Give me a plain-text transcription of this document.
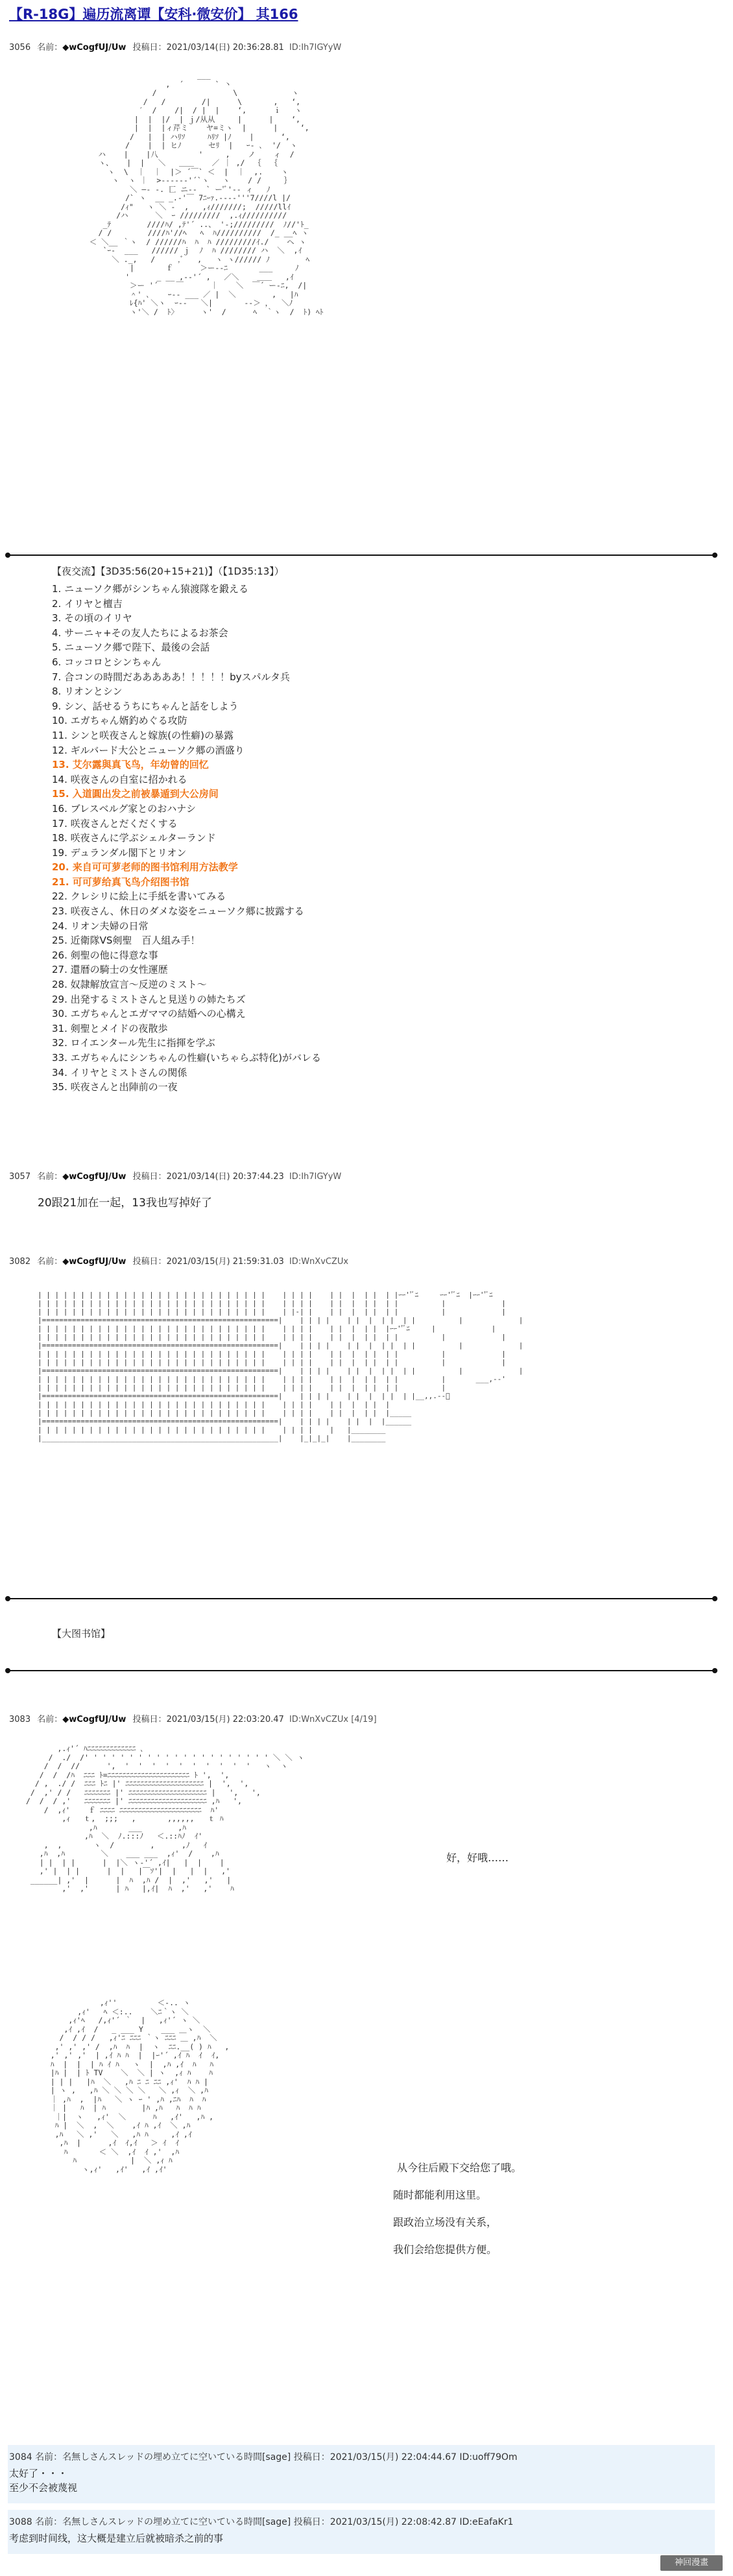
【R-18G】遍历流离谭【安科·微安价】 其166
3056 名前：◆wCogfUJ/Uw 投稿日：2021/03/14(日) 20:36:28.81 ID:Ih7IGYyW
___
,  ´       ` 丶
/                 \            ヽ
/   /        /|      \       ,   ‘,
′  /    /|  / |  |    ‘,      ｉ   ヽ
|  |  |/  | ｊ/从从     |      |    ‘,
|  |  |ィ芹ミ    ヤ=ミヽ  |      |     ‘,
/   |  | ハﾘｿ     ﾊﾘｿ |ﾉ    |      ‘,
/    |  | ヒﾉ      セﾘ  |   ｰ- ､  '/  ヽ
ハ    |    |八         '     ,    ノ    ィ  /
ヽ、   |  |   ＼   ＿＿    ／ ｜ ,/  ｛  ｛
ヽ  \  ｜  ｜  |＞ ´￣` ＜  |  ｜  ,.    ヽ
ヽ  ヽ ｜  >-----‐'´`ヽ   ヽ    / /     ｝
＼ ―‐ -. 匸 ニ--  ` ー'ﾞ'‐- ィ   ﾉ
/` ヽ  __ _.-'￣ 7ﾆｰｧ.-‐‐-'''7////l |/
/ｨ"   ヽ ＼ ‐  ,   ,ｨ///////;  /////llｲ
/ハ      ＼  ｰ /////////  ,.ｨ//////////
_ﾃ        ////ﾊ/ ,ﾃ'´ ..、 '-;/////////  ﾉ//'ﾄ_
/ /        ////ﾊ'//ﾍ   ﾍ  ﾊ//////////  /_ __ﾍ ヽ
＜ ＼__ ｀ヽ  / //////ﾊ  ﾊ  ﾊ /////////ｲ./    ヘ ヽ
`ｰ-  ___   ////// ｊ  ﾉ  ﾊ //////// ハ  ＼  ,ｲ
＼ ._,   /     ,ﾞ   ,   ヽ ヽ////// ﾉ        ﾍ
|       ｆ      ＞ー‐-ﾆ       ___     ﾉ
'      _ __ ,-‐'´ ,   ／＼    ＿＿   ,ｲ
＞ー '´    ￣      ｜    ＼  ￣´ ー-ﾆ,  /|
＾' ､    ｰ-- ___ ／ |  ＼        ,   |ﾊ
ﾚ{ﾊ' ＼ヽ  ｰ--   ＼|       ‐-＞ ，  ＼ﾉ
ヽ'＼ /  ﾄ〉     ヽ'  /      ﾍ  ｀ヽ  /  ﾄ) ﾍﾄ
【夜交流】【3D35:56(20+15+21)】（【1D35:13】）
1. ニューソク郷がシンちゃん猿渡隊を鍛える
2. イリヤと檀吉
3. その頃のイリヤ
4. サーニャ+その友人たちによるお茶会
5. ニューソク郷で陛下、最後の会話
6. コッコロとシンちゃん
7. 合コンの時間だあああああ！！！！！byスパルタ兵
8. リオンとシン
9. シン、話せるうちにちゃんと話をしよう
10. エガちゃん婿釣めぐる攻防
11. シンと咲夜さんと嫁族(の性癖)の暴露
12. ギルバード大公とニューソク郷の酒盛り
13. 艾尔露與真飞鸟，年幼曾的回忆
14. 咲夜さんの自室に招かれる
15. 入道圓出发之前被暴遁到大公房间
16. ブレスベルグ家とのおハナシ
17. 咲夜さんとだくだくする
18. 咲夜さんに学ぶシェルターランド
19. デュランダル閣下とリオン
20. 来自可可萝老师的图书馆利用方法教学
21. 可可萝给真飞鸟介绍图书馆
22. クレシリに絵上に手紙を書いてみる
23. 咲夜さん、休日のダメな姿をニューソク郷に披露する
24. リオン夫婦の日常
25. 近衛隊VS剣聖　百人組み手！
26. 剣聖の他に得意な事
27. 還暦の騎士の女性運歴
28. 奴隷解放宣言～反逆のミスト～
29. 出発するミストさんと見送りの姉たちズ
30. エガちゃんとエガママの結婚への心構え
31. 剣聖とメイドの夜散歩
32. ロイエンタール先生に指揮を学ぶ
33. エガちゃんにシンちゃんの性癖(いちゃらぶ特化)がバレる
34. イリヤとミストさんの関係
35. 咲夜さんと出陣前の一夜
3057 名前：◆wCogfUJ/Uw 投稿日：2021/03/14(日) 20:37:44.23 ID:Ih7IGYyW
20跟21加在一起，13我也写掉好了
3082 名前：◆wCogfUJ/Uw 投稿日：2021/03/15(月) 21:59:31.03 ID:WnXvCZUx
| | | | | | | | | | | | | | | | | | | | | | | | | | |    | | | |    | |  |  | |  | |ｰｰ''ﾞﾆ     ｰｰ''ﾞﾆ  |ｰｰ''ﾞﾆ
| | | | | | | | | | | | | | | | | | | | | | | | | | |    | | | |    | |  |  | |  | |          |             |
| | | | | | | | | | | | | | | | | | | | | | | | | | |    | |-| |    | |  |  | |  | |          |             |
|=======================================================|    | | | |    | |  |  | |  | |          |             |
| | | | | | | | | | | | | | | | | | | | | | | | | | |    | | | |    | |  |  | |  |ｰｰ''ﾞﾆ     |             |
| | | | | | | | | | | | | | | | | | | | | | | | | | |    | | | |    | |  |  | |  | |          |             |
|=======================================================|    | | | |    | |  |  | |  | |          |             |
| | | | | | | | | | | | | | | | | | | | | | | | | | |    | | | |    | |  |  | |  | |          |             |
| | | | | | | | | | | | | | | | | | | | | | | | | | |    | | | |    | |  |  | |  | |          |             |
|=======================================================|    | | | |    | |  |  | |  | |          |             |
| | | | | | | | | | | | | | | | | | | | | | | | | | |    | | | |    | |  |  | |  | |          |       ___,--'
| | | | | | | | | | | | | | | | | | | | | | | | | | |    | | | |    | |  |  | |  | |          |
|=======================================================|    | | | |    | |  |  | |  | |__,,.--ﾞ
| | | | | | | | | | | | | | | | | | | | | | | | | | |    | | | |    | |  |  | |  |
| | | | | | | | | | | | | | | | | | | | | | | | | | |    | | | |    | |  |  | |  |_____
|=======================================================|    | | | |    | |  |  |______
| | | | | | | | | | | | | | | | | | | | | | | | | | |    | | | |    |   |________
|_______________________________________________________|    |_|_|_|    |________
【大图书馆】
3083 名前：◆wCogfUJ/Uw 投稿日：2021/03/15(月) 22:03:20.47 ID:WnXvCZUx [4/19]
,.ｨ'´ ﾊﾆﾆﾆﾆﾆﾆﾆﾆﾆﾆﾆﾆﾆ ､
/  ./  /' ' ' ' ' ' ' ' ' ' ' ' ' ' ' ' ' ' ' ' ' ＼ ＼ ヽ
/  /  //      ',  '  '  '  '  '  '  '  '  '  '   ヽ  ヽ
/  /  /ﾊ  ﾆﾆﾆ ﾄ=ﾆﾆﾆﾆﾆﾆﾆﾆﾆﾆﾆﾆﾆﾆﾆﾆﾆﾆﾆﾆﾆﾆ ﾄ ',  ',
/ ,  ./ /  ﾆﾆﾆ ﾄﾆ |' ﾆﾆﾆﾆﾆﾆﾆﾆﾆﾆﾆﾆﾆﾆﾆﾆﾆﾆﾆﾆﾆ |  ',  ',
/  ,' / /   ﾆﾆﾆﾆﾆﾆﾆ |' ﾆﾆﾆﾆﾆﾆﾆﾆﾆﾆﾆﾆﾆﾆﾆﾆﾆﾆﾆﾆﾆ |   ',   ',
/  /  / ,'   ﾆﾆﾆﾆﾆﾆﾆ |' ﾆﾆﾆﾆﾆﾆﾆﾆﾆﾆﾆﾆﾆﾆﾆﾆﾆﾆﾆﾆﾆ ,ﾊ   ',
/  ,ｨ'    ｆ ﾆﾆﾆﾆ ﾆﾆﾆﾆﾆﾆﾆﾆﾆﾆﾆﾆﾆﾆﾆﾆﾆﾆﾆﾆﾆﾆ  ﾊ'
,ｨ   ｔ,  ;;;   ,       ,,,,,,   ｔ ﾊ
,ﾊ       ___        ,ﾊ
,ﾊ  ＼  ﾉ.:::ﾉ   ＜.::ﾊﾉ  ｲ'
,  ,       ヽ  /        ,      ,ﾉ   ｲ
,ﾊ  ,ﾊ        ＼    ___ ___  ,ｨ'  /    ,ﾊ
| |  | |      |  |＼ ヽ-'´ ,ｲ|   |  |    |
,' |  | |      |  |   |￣ｿ'|  |   |  |   ,'
______| ,'  |      |  ﾊ  ,ﾊ /  |  ,'   ,'   |
,'  ,'      | ﾊ   |,ｲ|  ﾊ  ,'   ,'    ﾊ
好，好哦……
,ｨ''         ＜-.. ヽ
,ｨ'   ﾍ ＜:..    ＼ﾆ｀ヽ ＼
,ｨ'ﾍ   /,ｨ'´ ｀  |   ,ｨ'´ ヽ ＼
,ｲ ,ｲ  /   _ ___ Y    ___ ＿ヽ  ＼
/  / / /   ,ｨ'ﾆ ﾆﾆﾆ ｀ヽ ﾆﾆﾆ ＿ ,ﾊ  ＼
,' ,' ,' /  ,ﾊ  ﾊ  |  ヽ  ﾆﾆ.__( ) ﾊ   ,
,' ,' ,'  | ,ｲ ﾊ ﾊ  |  |ｰ'´ ,ｲ ﾊ  ｲ  ｲ,
ﾊ  |  |  | ﾊ ｲ ﾊ   ヽ  |  ,ﾊ ,ｲ  ﾊ   ﾊ
|ﾊ |  | ﾄ TV    ＼  ＼ | ヽ  ,ｨ ﾊ    ﾊ
| | |   |ﾊ  ＼   ,ﾊ ﾆ ﾆ ﾆﾆ ,ｨ'  ﾊ ﾊ |
| ヽ ,   ,ﾊ ＼ ＼ ＼ ＼   ＼ ,ｨ  ＼ ,ﾊ
｜ ,ﾊ  ,  |ﾊ   ＼ ヽ ｰ ' ,ﾊ ,ﾆﾊ  ﾊ  ﾊ
｜ |   ﾊ  | ﾊ        |ﾊ ,ﾊ   ﾊ  ﾊ ﾊ
｜|  ヽ   ,ｨ'  ＼      ﾊ   ,ｲ'   ,ﾊ ,
ﾊ |  ＼  ,  ＼    ,ｲ ﾊ ,ｲ  ＼ ,ﾊ
,ﾊ   ＼ ,'   ＼   ,ﾊ ﾊ     ,ｲ ,ｲ
,ﾊ  |      ,ｲ  ｲ,ｲ   ＞ ｲ  ｲ
ﾊ       ＜ ＼  ,ｲ  ｲ ,'  ,ﾊ
ﾊ            |  ＼ ,ｨ ﾊ
ヽ,ｨ'   ,ｲ'   ,ｲ ,ｲ'	从今往后殿下交给您了哦。
随时都能利用这里。
跟政治立场没有关系，
我们会给您提供方便。
3084 名前：名無しさんスレッドの埋め立てに空いている時間[sage] 投稿日：2021/03/15(月) 22:04:44.67 ID:uoff79Om
太好了・・・
至少不会被蔑视
3088 名前：名無しさんスレッドの埋め立てに空いている時間[sage] 投稿日：2021/03/15(月) 22:08:42.87 ID:eEafaKr1
考虑到时间线，这大概是建立后就被暗杀之前的事
神回漫畫
